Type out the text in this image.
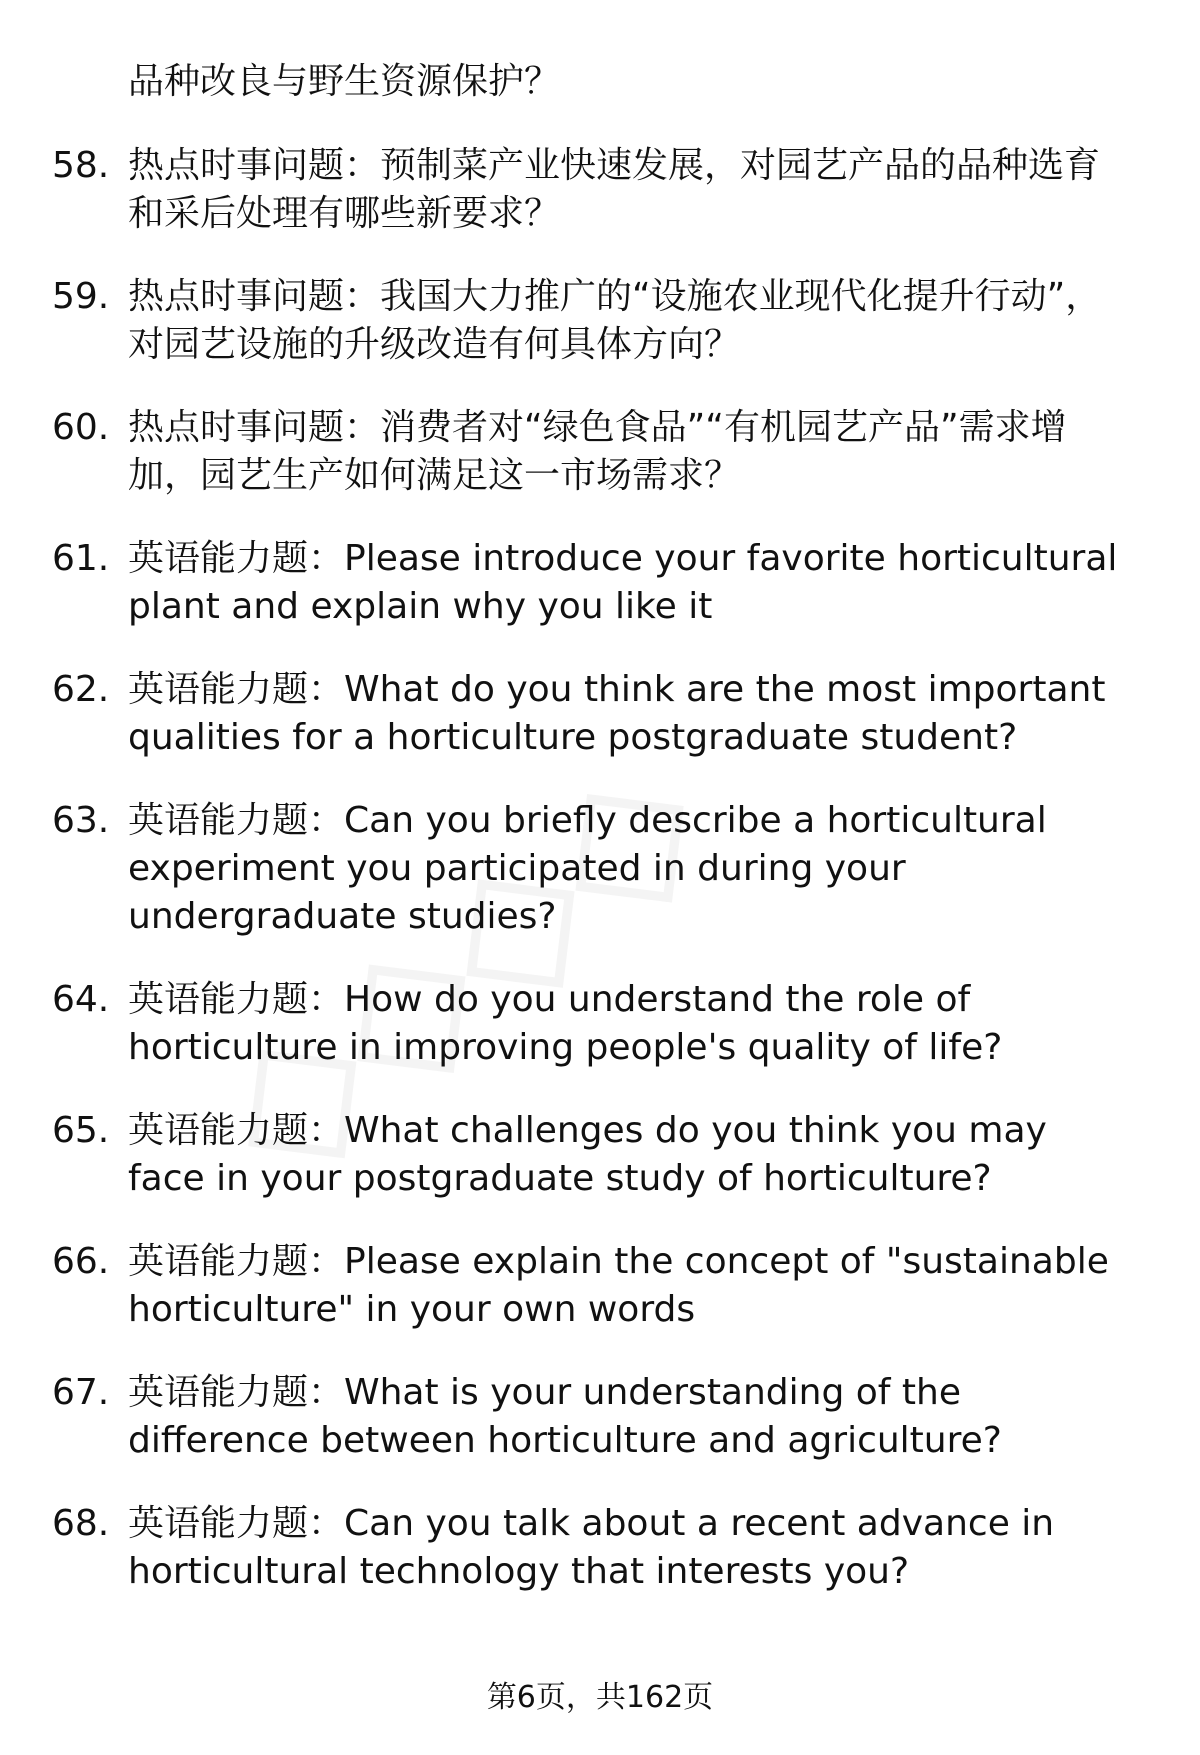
品种改良与野生资源保护？

58. 热点时事问题：预制菜产业快速发展，对园艺产品的品种选育和采后处理有哪些新要求？
59. 热点时事问题：我国大力推广的“设施农业现代化提升行动”，对园艺设施的升级改造有何具体方向？
60. 热点时事问题：消费者对“绿色食品”“有机园艺产品”需求增加，园艺生产如何满足这一市场需求？
61. 英语能力题：Please introduce your favorite horticultural plant and explain why you like it
62. 英语能力题：What do you think are the most important qualities for a horticulture postgraduate student?
63. 英语能力题：Can you briefly describe a horticultural experiment you participated in during your undergraduate studies?
64. 英语能力题：How do you understand the role of horticulture in improving people's quality of life?
65. 英语能力题：What challenges do you think you may face in your postgraduate study of horticulture?
66. 英语能力题：Please explain the concept of "sustainable horticulture" in your own words
67. 英语能力题：What is your understanding of the difference between horticulture and agriculture?
68. 英语能力题：Can you talk about a recent advance in horticultural technology that interests you?
第6页，共162页
